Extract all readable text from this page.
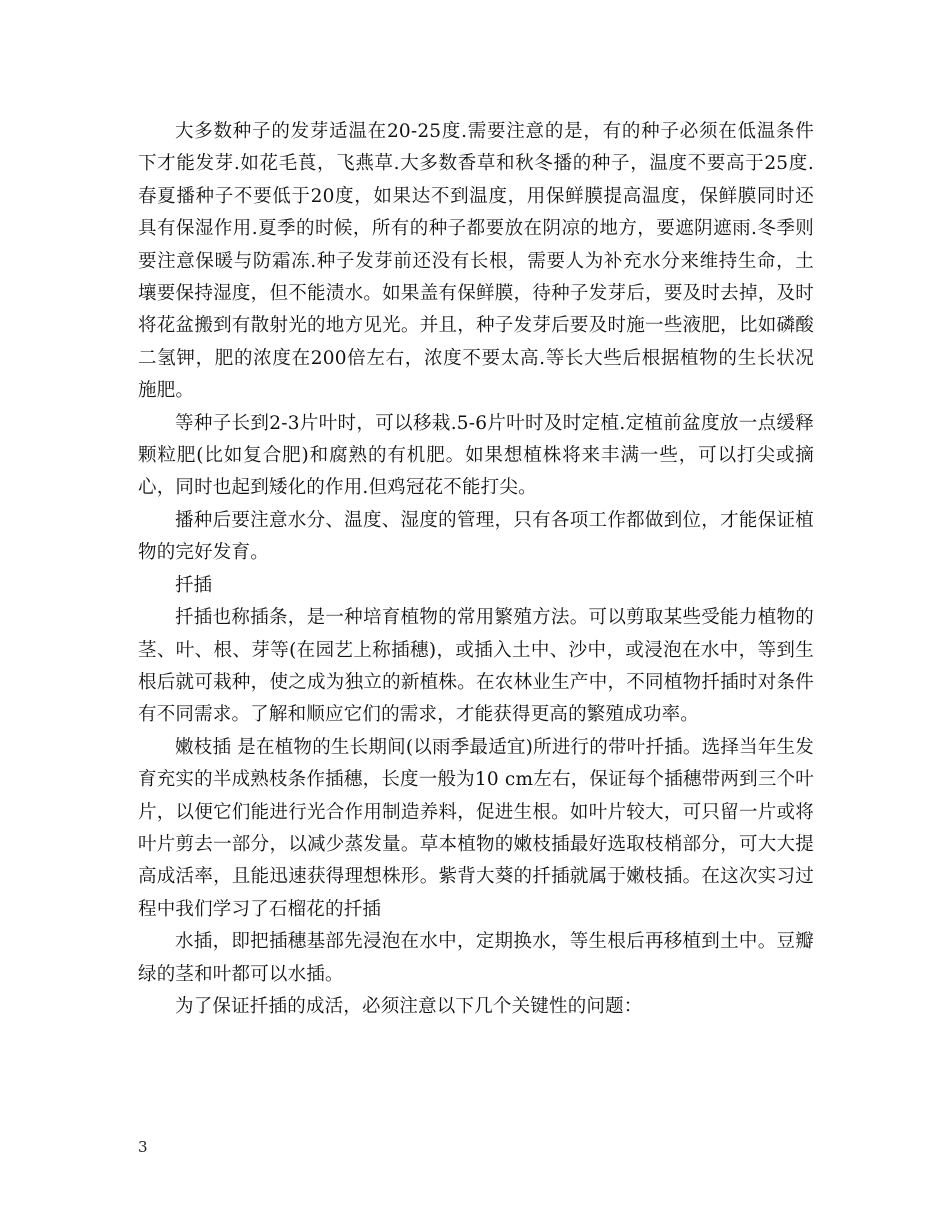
大多数种子的发芽适温在20-25度.需要注意的是，有的种子必须在低温条件下才能发芽.如花毛莨，飞燕草.大多数香草和秋冬播的种子，温度不要高于25度.春夏播种子不要低于20度，如果达不到温度，用保鲜膜提高温度，保鲜膜同时还具有保湿作用.夏季的时候，所有的种子都要放在阴凉的地方，要遮阴遮雨.冬季则要注意保暖与防霜冻.种子发芽前还没有长根，需要人为补充水分来维持生命，土壤要保持湿度，但不能渍水。如果盖有保鲜膜，待种子发芽后，要及时去掉，及时将花盆搬到有散射光的地方见光。并且，种子发芽后要及时施一些液肥，比如磷酸二氢钾，肥的浓度在200倍左右，浓度不要太高.等长大些后根据植物的生长状况施肥。

等种子长到2-3片叶时，可以移栽.5-6片叶时及时定植.定植前盆度放一点缓释颗粒肥(比如复合肥)和腐熟的有机肥。如果想植株将来丰满一些，可以打尖或摘心，同时也起到矮化的作用.但鸡冠花不能打尖。

播种后要注意水分、温度、湿度的管理，只有各项工作都做到位，才能保证植物的完好发育。

扦插

扦插也称插条，是一种培育植物的常用繁殖方法。可以剪取某些受能力植物的茎、叶、根、芽等(在园艺上称插穗)，或插入土中、沙中，或浸泡在水中，等到生根后就可栽种，使之成为独立的新植株。在农林业生产中，不同植物扦插时对条件有不同需求。了解和顺应它们的需求，才能获得更高的繁殖成功率。

嫩枝插 是在植物的生长期间(以雨季最适宜)所进行的带叶扦插。选择当年生发育充实的半成熟枝条作插穗，长度一般为10 cm左右，保证每个插穗带两到三个叶片，以便它们能进行光合作用制造养料，促进生根。如叶片较大，可只留一片或将叶片剪去一部分，以减少蒸发量。草本植物的嫩枝插最好选取枝梢部分，可大大提高成活率，且能迅速获得理想株形。紫背大葵的扦插就属于嫩枝插。在这次实习过程中我们学习了石榴花的扦插

水插，即把插穗基部先浸泡在水中，定期换水，等生根后再移植到土中。豆瓣绿的茎和叶都可以水插。

为了保证扦插的成活，必须注意以下几个关键性的问题：

3
